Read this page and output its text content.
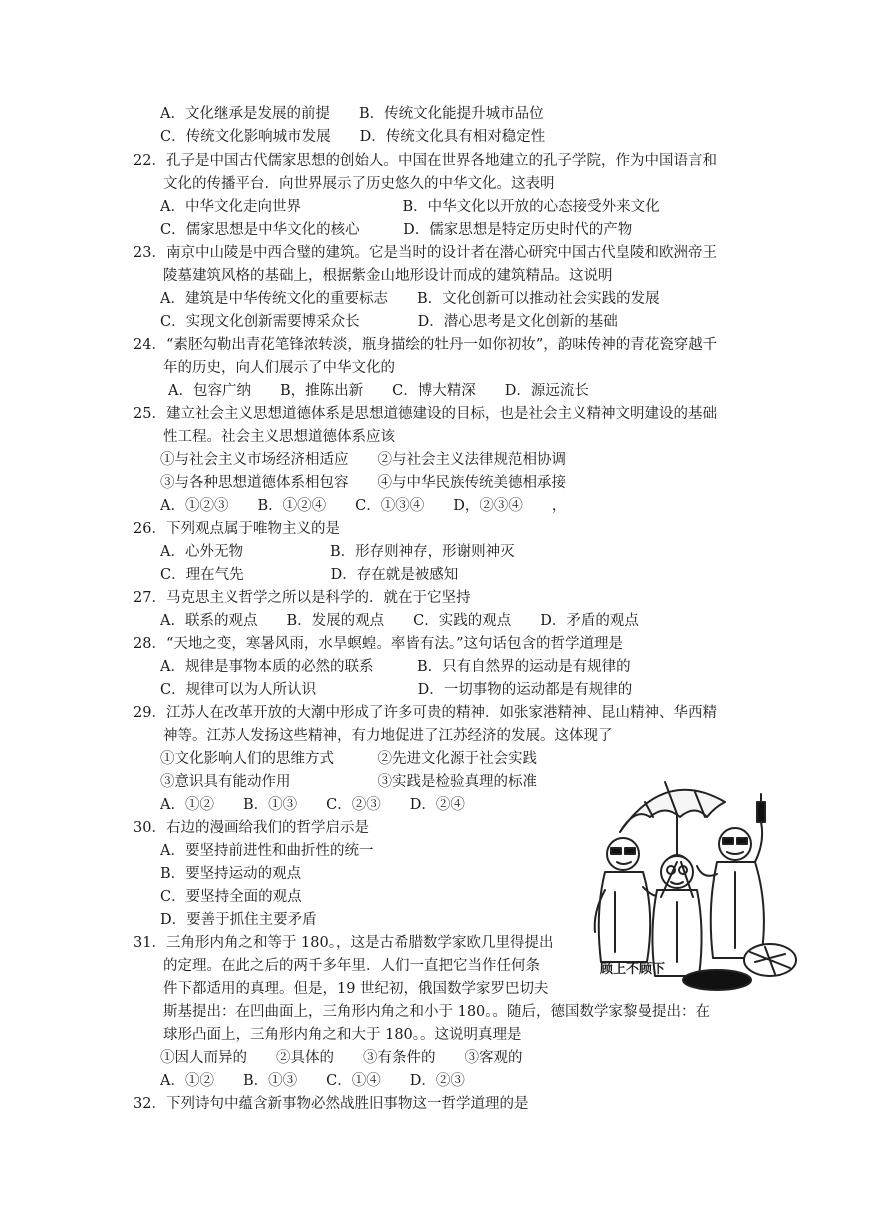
A．文化继承是发展的前提　　B．传统文化能提升城市品位
C．传统文化影响城市发展　　D．传统文化具有相对稳定性
22．孔子是中国古代儒家思想的创始人。中国在世界各地建立的孔子学院，作为中国语言和
文化的传播平台．向世界展示了历史悠久的中华文化。这表明
A．中华文化走向世界　　　　　　　B．中华文化以开放的心态接受外来文化
C．儒家思想是中华文化的核心　　　D．儒家思想是特定历史时代的产物
23．南京中山陵是中西合璧的建筑。它是当时的设计者在潜心研究中国古代皇陵和欧洲帝王
陵墓建筑风格的基础上，根据紫金山地形设计而成的建筑精品。这说明
A．建筑是中华传统文化的重要标志　　B．文化创新可以推动社会实践的发展
C．实现文化创新需要博采众长　　　　D．潜心思考是文化创新的基础
24．“素胚勾勒出青花笔锋浓转淡，瓶身描绘的牡丹一如你初妆”，韵味传神的青花瓷穿越千
年的历史，向人们展示了中华文化的
A．包容广纳　　B，推陈出新　　C．博大精深　　D．源远流长
25．建立社会主义思想道德体系是思想道德建设的目标，也是社会主义精神文明建设的基础
性工程。社会主义思想道德体系应该
①与社会主义市场经济相适应　　②与社会主义法律规范相协调
③与各种思想道德体系相包容　　④与中华民族传统美德相承接
A．①②③　　B．①②④　　C．①③④　　D，②③④　　，
26．下列观点属于唯物主义的是
A．心外无物　　　　　　B．形存则神存，形谢则神灭
C．理在气先　　　　　　D．存在就是被感知
27．马克思主义哲学之所以是科学的．就在于它坚持
A．联系的观点　　B．发展的观点　　C．实践的观点　　D．矛盾的观点
28．“天地之变，寒暑风雨，水旱螟蝗。率皆有法。”这句话包含的哲学道理是
A．规律是事物本质的必然的联系　　　B．只有自然界的运动是有规律的
C．规律可以为人所认识　　　　　　　D．一切事物的运动都是有规律的
29．江苏人在改革开放的大潮中形成了许多可贵的精神．如张家港精神、昆山精神、华西精
神等。江苏人发扬这些精神，有力地促进了江苏经济的发展。这体现了
①文化影响人们的思维方式　　　②先进文化源于社会实践
③意识具有能动作用　　　　　　③实践是检验真理的标准
A．①②　　B．①③　　C．②③　　D．②④
30．右边的漫画给我们的哲学启示是
A．要坚持前进性和曲折性的统一
B．要坚持运动的观点
C．要坚持全面的观点
D．要善于抓住主要矛盾
31．三角形内角之和等于 180。，这是古希腊数学家欧几里得提出
的定理。在此之后的两千多年里．人们一直把它当作任何条
件下都适用的真理。但是，19 世纪初，俄国数学家罗巴切夫
斯基提出：在凹曲面上，三角形内角之和小于 180。。随后，德国数学家黎曼提出：在
球形凸面上，三角形内角之和大于 180。。这说明真理是
①因人而异的　　②具体的　　③有条件的　　③客观的
A．①②　　B．①③　　C．①④　　D．②③
32．下列诗句中蕴含新事物必然战胜旧事物这一哲学道理的是
顾上不顾下
